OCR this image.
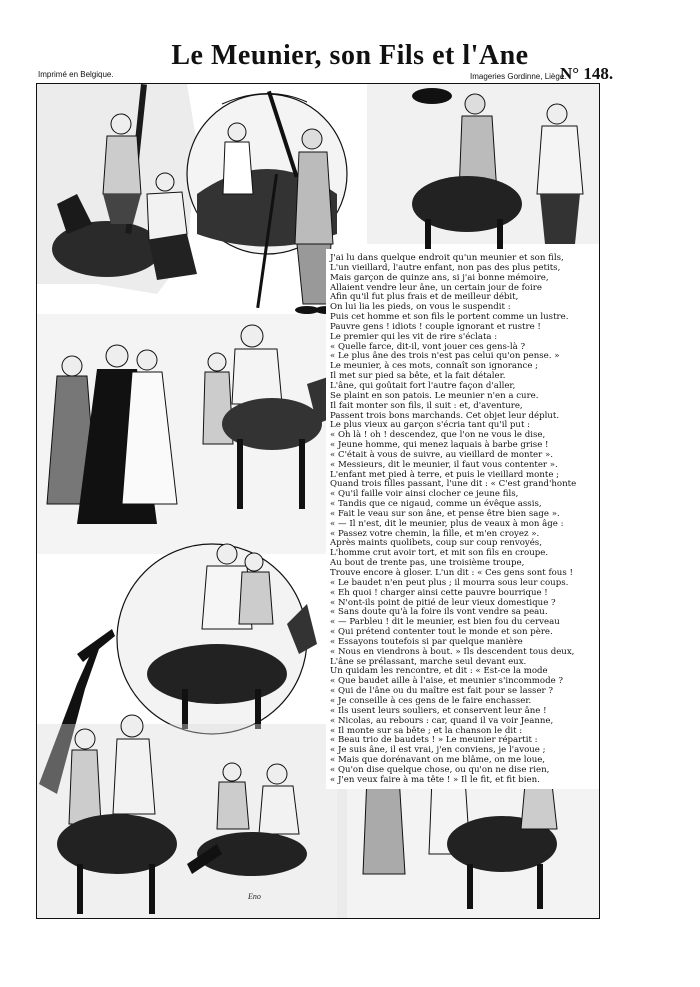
Le Meunier, son Fils et l'Ane
Imprimé en Belgique.	Imageries Gordinne, Liège.
N° 148.
J'ai lu dans quelque endroit qu'un meunier et son fils,
L'un vieillard, l'autre enfant, non pas des plus petits,
Mais garçon de quinze ans, si j'ai bonne mémoire,
Allaient vendre leur âne, un certain jour de foire
Afin qu'il fut plus frais et de meilleur débit,
On lui lia les pieds, on vous le suspendit :
Puis cet homme et son fils le portent comme un lustre.
Pauvre gens ! idiots ! couple ignorant et rustre !
Le premier qui les vit de rire s'éclata :
« Quelle farce, dit-il, vont jouer ces gens-là ?
« Le plus âne des trois n'est pas celui qu'on pense. »
Le meunier, à ces mots, connaît son ignorance ;
Il met sur pied sa bête, et la fait détaler.
L'âne, qui goûtait fort l'autre façon d'aller,
Se plaint en son patois. Le meunier n'en a cure.
Il fait monter son fils, il suit : et, d'aventure,
Passent trois bons marchands. Cet objet leur déplut.
Le plus vieux au garçon s'écria tant qu'il put :
« Oh là ! oh ! descendez, que l'on ne vous le dise,
« Jeune homme, qui menez laquais à barbe grise !
« C'était à vous de suivre, au vieillard de monter ».
« Messieurs, dit le meunier, il faut vous contenter ».
L'enfant met pied à terre, et puis le vieillard monte ;
Quand trois filles passant, l'une dit : « C'est grand'honte
« Qu'il faille voir ainsi clocher ce jeune fils,
« Tandis que ce nigaud, comme un évêque assis,
« Fait le veau sur son âne, et pense être bien sage ».
« — Il n'est, dit le meunier, plus de veaux à mon âge :
« Passez votre chemin, la fille, et m'en croyez ».
Après maints quolibets, coup sur coup renvoyés,
L'homme crut avoir tort, et mit son fils en croupe.
Au bout de trente pas, une troisième troupe,
Trouve encore à gloser. L'un dit : « Ces gens sont fous !
« Le baudet n'en peut plus ; il mourra sous leur coups.
« Eh quoi ! charger ainsi cette pauvre bourrique !
« N'ont-ils point de pitié de leur vieux domestique ?
« Sans doute qu'à la foire ils vont vendre sa peau.
« — Parbleu ! dit le meunier, est bien fou du cerveau
« Qui prétend contenter tout le monde et son père.
« Essayons toutefois si par quelque manière
« Nous en viendrons à bout. » Ils descendent tous deux,
L'âne se prélassant, marche seul devant eux.
Un quidam les rencontre, et dit : « Est-ce la mode
« Que baudet aille à l'aise, et meunier s'incommode ?
« Qui de l'âne ou du maître est fait pour se lasser ?
« Je conseille à ces gens de le faire enchasser.
« Ils usent leurs souliers, et conservent leur âne !
« Nicolas, au rebours : car, quand il va voir Jeanne,
« Il monte sur sa bête ; et la chanson le dit :
« Beau trio de baudets ! » Le meunier répartit :
« Je suis âne, il est vrai, j'en conviens, je l'avoue ;
« Mais que dorénavant on me blâme, on me loue,
« Qu'on dise quelque chose, ou qu'on ne dise rien,
« J'en veux faire à ma tête ! » Il le fit, et fit bien.
Eno
